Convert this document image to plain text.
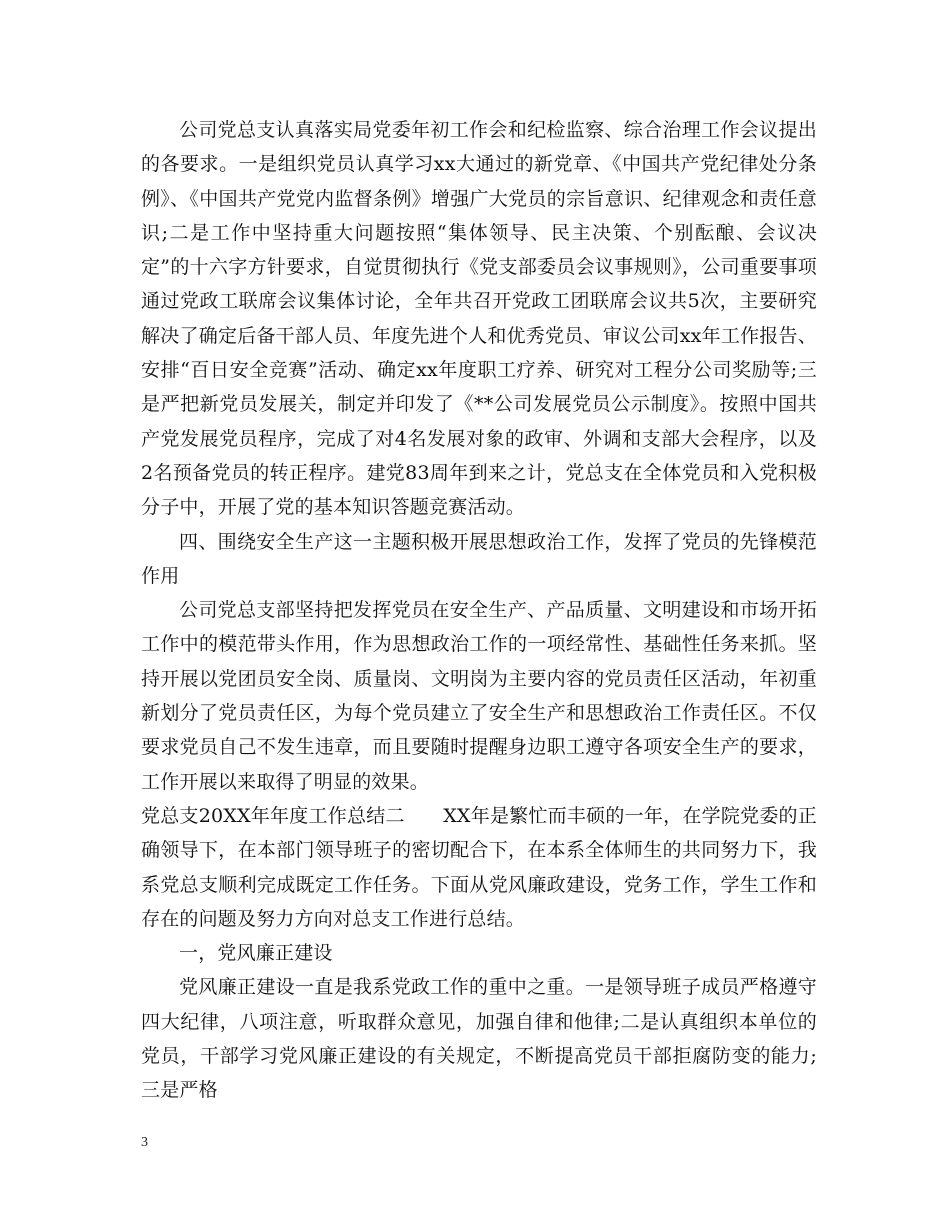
公司党总支认真落实局党委年初工作会和纪检监察、综合治理工作会议提出的各要求。一是组织党员认真学习xx大通过的新党章、《中国共产党纪律处分条例》、《中国共产党党内监督条例》增强广大党员的宗旨意识、纪律观念和责任意识;二是工作中坚持重大问题按照“集体领导、民主决策、个别酝酿、会议决定”的十六字方针要求，自觉贯彻执行《党支部委员会议事规则》，公司重要事项通过党政工联席会议集体讨论，全年共召开党政工团联席会议共5次，主要研究解决了确定后备干部人员、年度先进个人和优秀党员、审议公司xx年工作报告、安排“百日安全竞赛”活动、确定xx年度职工疗养、研究对工程分公司奖励等;三是严把新党员发展关，制定并印发了《**公司发展党员公示制度》。按照中国共产党发展党员程序，完成了对4名发展对象的政审、外调和支部大会程序，以及2名预备党员的转正程序。建党83周年到来之计，党总支在全体党员和入党积极分子中，开展了党的基本知识答题竞赛活动。

四、围绕安全生产这一主题积极开展思想政治工作，发挥了党员的先锋模范作用

公司党总支部坚持把发挥党员在安全生产、产品质量、文明建设和市场开拓工作中的模范带头作用，作为思想政治工作的一项经常性、基础性任务来抓。坚持开展以党团员安全岗、质量岗、文明岗为主要内容的党员责任区活动，年初重新划分了党员责任区，为每个党员建立了安全生产和思想政治工作责任区。不仅要求党员自己不发生违章，而且要随时提醒身边职工遵守各项安全生产的要求，工作开展以来取得了明显的效果。

党总支20XX年年度工作总结二　　XX年是繁忙而丰硕的一年，在学院党委的正确领导下，在本部门领导班子的密切配合下，在本系全体师生的共同努力下，我系党总支顺利完成既定工作任务。下面从党风廉政建设，党务工作，学生工作和存在的问题及努力方向对总支工作进行总结。

一，党风廉正建设

党风廉正建设一直是我系党政工作的重中之重。一是领导班子成员严格遵守四大纪律，八项注意，听取群众意见，加强自律和他律;二是认真组织本单位的党员，干部学习党风廉正建设的有关规定，不断提高党员干部拒腐防变的能力;三是严格

3
